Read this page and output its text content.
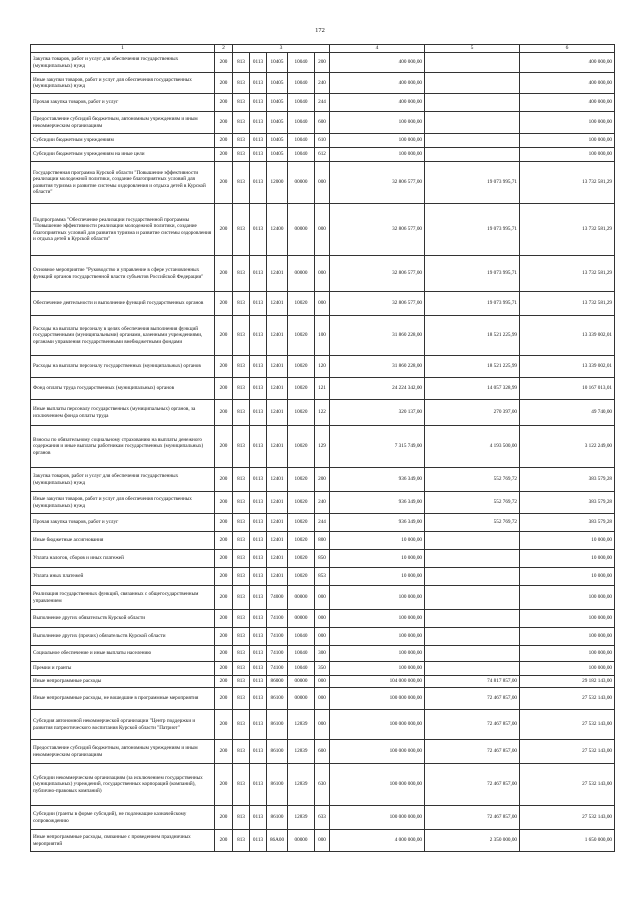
172
1	2	3					4	5	6
Закупка товаров, работ и услуг для обеспечения государственных (муниципальных) нужд	200	813	0113	10405	10040	200	400 000,00		400 000,00
Иные закупки товаров, работ и услуг для обеспечения государственных (муниципальных) нужд	200	813	0113	10405	10040	240	400 000,00		400 000,00
Прочая закупка товаров, работ и услуг	200	813	0113	10405	10040	244	400 000,00		400 000,00
Предоставление субсидий бюджетным, автономным учреждениям и иным некоммерческим организациям	200	813	0113	10405	10040	600	100 000,00		100 000,00
Субсидии бюджетным учреждениям	200	813	0113	10405	10040	610	100 000,00		100 000,00
Субсидии бюджетным учреждениям на иные цели	200	813	0113	10405	10040	612	100 000,00		100 000,00
Государственная программа Курской области "Повышение эффективности реализации молодежной политики, создание благоприятных условий для развития туризма и развитие системы оздоровления и отдыха детей в Курской области"	200	813	0113	12000	00000	000	32 806 577,00	19 073 995,71	13 732 581,29
Подпрограмма "Обеспечение реализации государственной программы "Повышение эффективности реализации молодежной политики, создание благоприятных условий для развития туризма и развитие системы оздоровления и отдыха детей в Курской области"	200	813	0113	12400	00000	000	32 806 577,00	19 073 995,71	13 732 581,29
Основное мероприятие "Руководство и управление в сфере установленных функций органов государственной власти субъектов Российской Федерации"	200	813	0113	12401	00000	000	32 806 577,00	19 073 995,71	13 732 581,29
Обеспечение деятельности и выполнение функций государственных органов	200	813	0113	12401	10020	000	32 806 577,00	19 073 995,71	13 732 581,29
Расходы на выплаты персоналу в целях обеспечения выполнения функций государственными (муниципальными) органами, казенными учреждениями, органами управления государственными внебюджетными фондами	200	813	0113	12401	10020	100	31 860 228,00	18 521 225,99	13 339 002,01
Расходы на выплаты персоналу государственных (муниципальных) органов	200	813	0113	12401	10020	120	31 860 228,00	18 521 225,99	13 339 002,01
Фонд оплаты труда государственных (муниципальных) органов	200	813	0113	12401	10020	121	24 224 342,00	14 057 328,99	10 167 013,01
Иные выплаты персоналу государственных (муниципальных) органов, за исключением фонда оплаты труда	200	813	0113	12401	10020	122	320 137,00	270 397,00	49 740,00
Взносы по обязательному социальному страхованию на выплаты денежного содержания и иные выплаты работникам государственных (муниципальных) органов	200	813	0113	12401	10020	129	7 315 749,00	4 193 500,00	3 122 249,00
Закупка товаров, работ и услуг для обеспечения государственных (муниципальных) нужд	200	813	0113	12401	10020	200	936 349,00	552 769,72	383 579,28
Иные закупки товаров, работ и услуг для обеспечения государственных (муниципальных) нужд	200	813	0113	12401	10020	240	936 349,00	552 769,72	383 579,28
Прочая закупка товаров, работ и услуг	200	813	0113	12401	10020	244	936 349,00	552 769,72	383 579,28
Иные бюджетные ассигнования	200	813	0113	12401	10020	800	10 000,00		10 000,00
Уплата налогов, сборов и иных платежей	200	813	0113	12401	10020	850	10 000,00		10 000,00
Уплата иных платежей	200	813	0113	12401	10020	853	10 000,00		10 000,00
Реализация государственных функций, связанных с общегосударственным управлением	200	813	0113	74000	00000	000	100 000,00		100 000,00
Выполнение других обязательств Курской области	200	813	0113	74100	00000	000	100 000,00		100 000,00
Выполнение других (прочих) обязательств Курской области	200	813	0113	74100	10040	000	100 000,00		100 000,00
Социальное обеспечение и иные выплаты населению	200	813	0113	74100	10040	300	100 000,00		100 000,00
Премии и гранты	200	813	0113	74100	10040	350	100 000,00		100 000,00
Иные непрограммные расходы	200	813	0113	86000	00000	000	104 000 000,00	74 817 857,00	29 182 143,00
Иные непрограммные расходы, не вошедшие в программные мероприятия	200	813	0113	86100	00000	000	100 000 000,00	72 467 857,00	27 532 143,00
Субсидия автономной некоммерческой организации "Центр поддержки и развития патриотического воспитания Курской области "Патриот"	200	813	0113	86100	12839	000	100 000 000,00	72 467 857,00	27 532 143,00
Предоставление субсидий бюджетным, автономным учреждениям и иным некоммерческим организациям	200	813	0113	86100	12839	600	100 000 000,00	72 467 857,00	27 532 143,00
Субсидии некоммерческим организациям (за исключением государственных (муниципальных) учреждений, государственных корпораций (компаний), публично-правовых компаний)	200	813	0113	86100	12839	630	100 000 000,00	72 467 857,00	27 532 143,00
Субсидии (гранты в форме субсидий), не подлежащие казначейскому сопровождению	200	813	0113	86100	12839	633	100 000 000,00	72 467 857,00	27 532 143,00
Иные непрограммные расходы, связанные с проведением праздничных мероприятий	200	813	0113	86A00	00000	000	4 000 000,00	2 350 000,00	1 650 000,00
